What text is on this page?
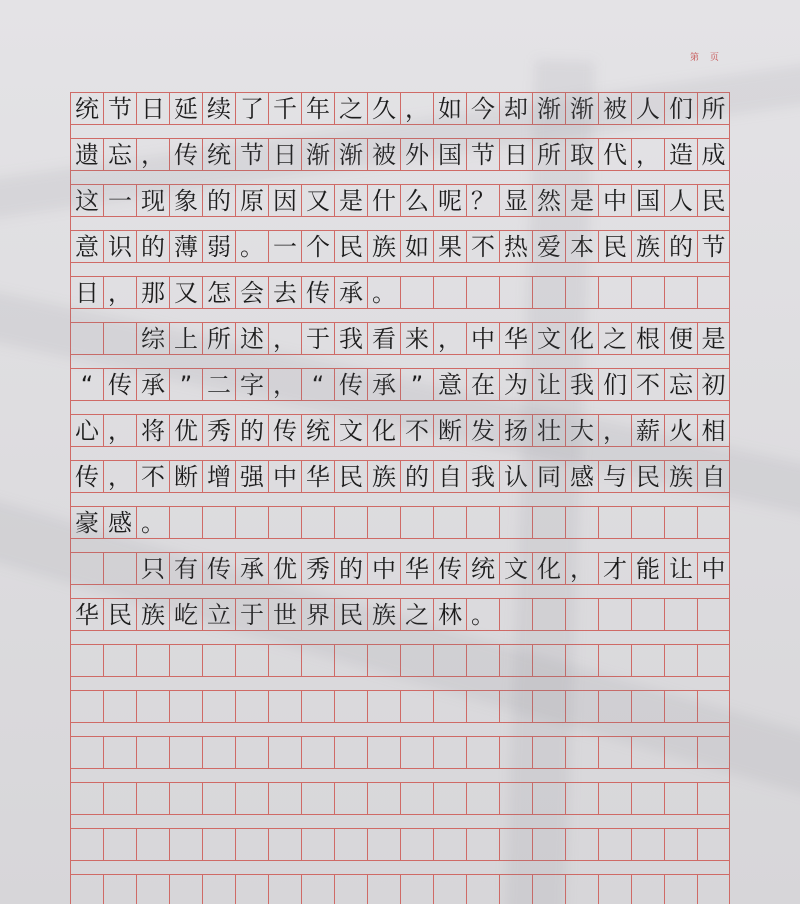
第 页
统 节 日 延 续 了 千 年 之 久 ， 如 今 却 渐 渐 被 人 们 所
遗 忘 ， 传 统 节 日 渐 渐 被 外 国 节 日 所 取 代 ， 造 成
这 一 现 象 的 原 因 又 是 什 么 呢 ？ 显 然 是 中 国 人 民
意 识 的 薄 弱 。 一 个 民 族 如 果 不 热 爱 本 民 族 的 节
日 ， 那 又 怎 会 去 传 承 。
综 上 所 述 ， 于 我 看 来 ， 中 华 文 化 之 根 便 是
“ 传 承 ” 二 字 ， “ 传 承 ” 意 在 为 让 我 们 不 忘 初
心 ， 将 优 秀 的 传 统 文 化 不 断 发 扬 壮 大 ， 薪 火 相
传 ， 不 断 增 强 中 华 民 族 的 自 我 认 同 感 与 民 族 自
豪 感 。
只 有 传 承 优 秀 的 中 华 传 统 文 化 ， 才 能 让 中
华 民 族 屹 立 于 世 界 民 族 之 林 。
